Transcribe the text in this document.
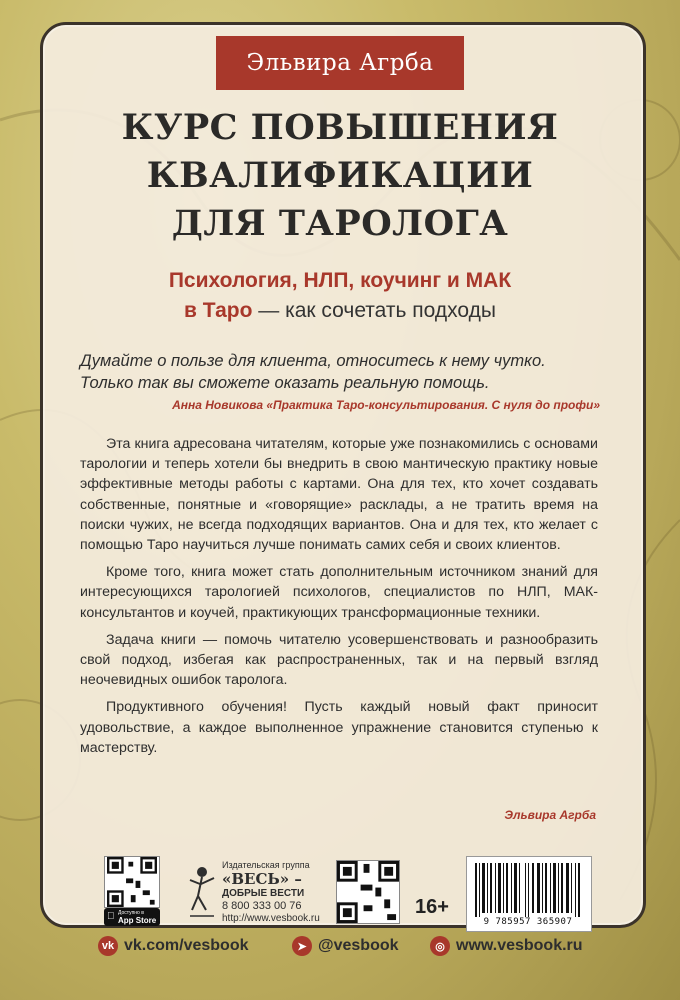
Эльвира Агрба
КУРС ПОВЫШЕНИЯ
КВАЛИФИКАЦИИ
ДЛЯ ТАРОЛОГА
Психология, НЛП, коучинг и МАК
в Таро — как сочетать подходы
Думайте о пользе для клиента, относитесь к нему чутко.
Только так вы сможете оказать реальную помощь.
Анна Новикова «Практика Таро-консультирования. С нуля до профи»

Эта книга адресована читателям, которые уже познакомились с основами тарологии и теперь хотели бы внедрить в свою мантическую практику новые эффективные методы работы с картами. Она для тех, кто хочет создавать собственные, понятные и «говорящие» расклады, а не тратить время на поиски чужих, не всегда подходящих вариантов. Она и для тех, кто желает с помощью Таро научиться лучше понимать самих себя и своих клиентов.

Кроме того, книга может стать дополнительным источником знаний для интересующихся тарологией психологов, специалистов по НЛП, МАК-консультантов и коучей, практикующих трансформационные техники.

Задача книги — помочь читателю усовершенствовать и разнообразить свой подход, избегая как распространенных, так и на первый взгляд неочевидных ошибок таролога.

Продуктивного обучения! Пусть каждый новый факт приносит удовольствие, а каждое выполненное упражнение становится ступенью к мастерству.

Эльвира Агрба
Доступно в
App Store
Издательская группа
«ВЕСЬ» –
ДОБРЫЕ ВЕСТИ
8 800 333 00 76
http://www.vesbook.ru
16+
9 785957 365907
vk vk.com/vesbook	➤ @vesbook	◎ www.vesbook.ru
